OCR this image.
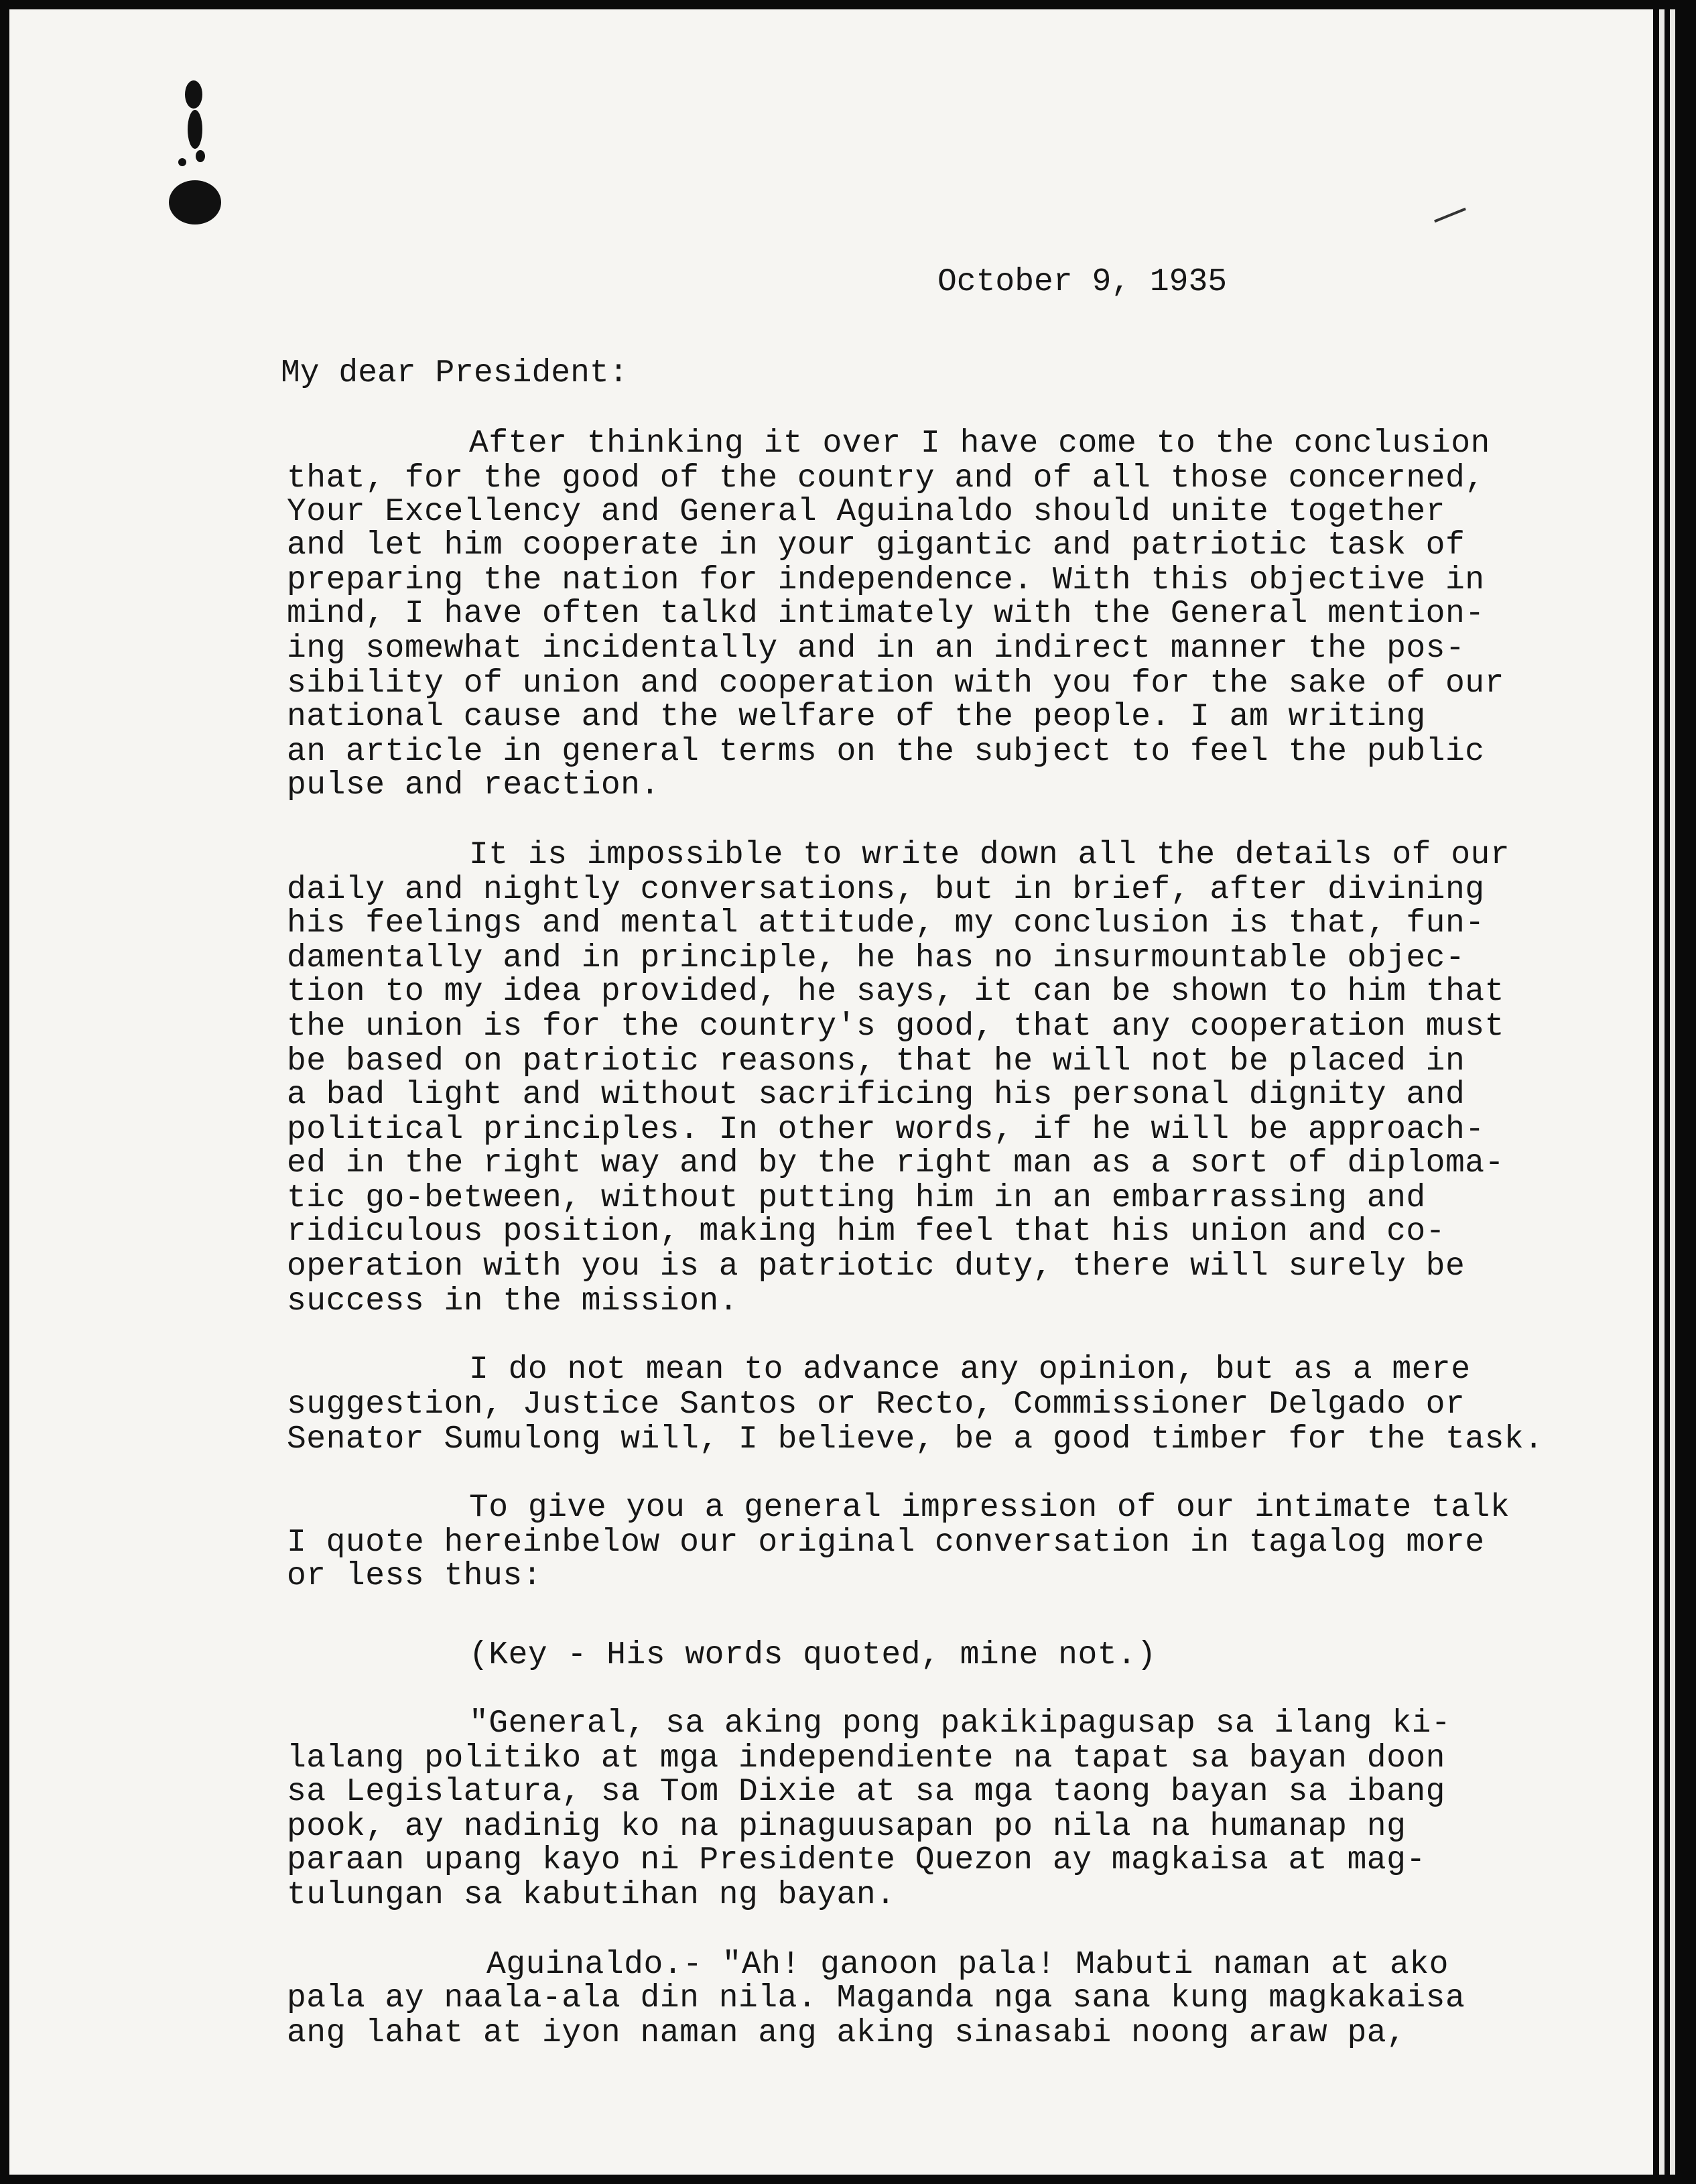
October 9, 1935
My dear President:
After thinking it over I have come to the conclusion
that, for the good of the country and of all those concerned,
Your Excellency and General Aguinaldo should unite together
and let him cooperate in your gigantic and patriotic task of
preparing the nation for independence. With this objective in
mind, I have often talkd intimately with the General mention-
ing somewhat incidentally and in an indirect manner the pos-
sibility of union and cooperation with you for the sake of our
national cause and the welfare of the people. I am writing
an article in general terms on the subject to feel the public
pulse and reaction.
It is impossible to write down all the details of our
daily and nightly conversations, but in brief, after divining
his feelings and mental attitude, my conclusion is that, fun-
damentally and in principle, he has no insurmountable objec-
tion to my idea provided, he says, it can be shown to him that
the union is for the country's good, that any cooperation must
be based on patriotic reasons, that he will not be placed in
a bad light and without sacrificing his personal dignity and
political principles. In other words, if he will be approach-
ed in the right way and by the right man as a sort of diploma-
tic go-between, without putting him in an embarrassing and
ridiculous position, making him feel that his union and co-
operation with you is a patriotic duty, there will surely be
success in the mission.
I do not mean to advance any opinion, but as a mere
suggestion, Justice Santos or Recto, Commissioner Delgado or
Senator Sumulong will, I believe, be a good timber for the task.
To give you a general impression of our intimate talk
I quote hereinbelow our original conversation in tagalog more
or less thus:
(Key - His words quoted, mine not.)
"General, sa aking pong pakikipagusap sa ilang ki-
lalang politiko at mga independiente na tapat sa bayan doon
sa Legislatura, sa Tom Dixie at sa mga taong bayan sa ibang
pook, ay nadinig ko na pinaguusapan po nila na humanap ng
paraan upang kayo ni Presidente Quezon ay magkaisa at mag-
tulungan sa kabutihan ng bayan.
Aguinaldo.- "Ah! ganoon pala! Mabuti naman at ako
pala ay naala-ala din nila. Maganda nga sana kung magkakaisa
ang lahat at iyon naman ang aking sinasabi noong araw pa,
